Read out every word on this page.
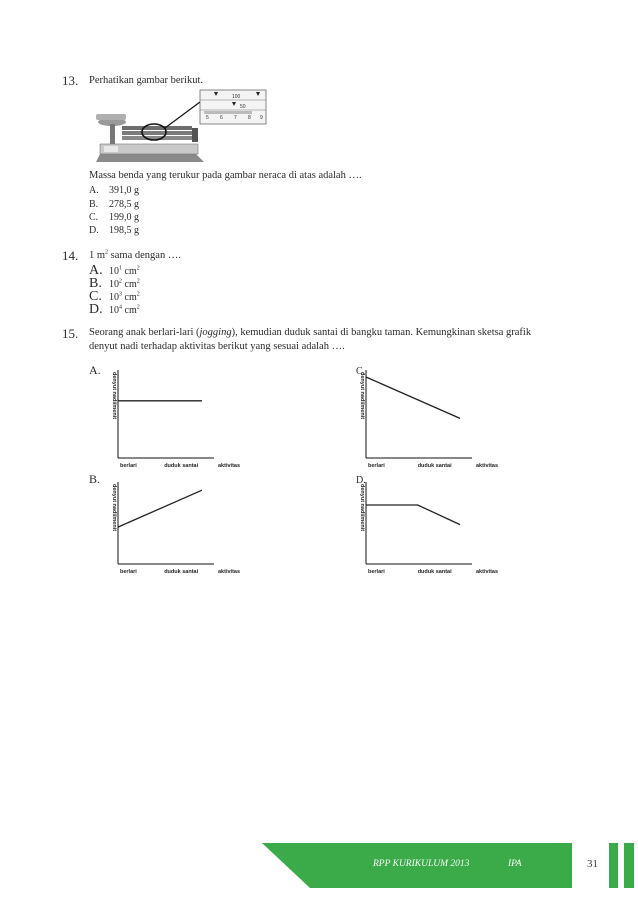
13. Perhatikan gambar berikut.
100
50
5 6 7 8 9
Massa benda yang terukur pada gambar neraca di atas adalah ….
A. 391,0 g
B. 278,5 g
C. 199,0 g
D. 198,5 g
14. 1 $m^2$ sama dengan ….
A. $10^1$ $cm^2$
B. $10^2$ $cm^2$
C. $10^3$ $cm^2$
D. $10^4$ $cm^2$
15. Seorang anak berlari-lari (jogging), kemudian duduk santai di bangku taman. Kemungkinan sketsa grafik
denyut nadi terhadap aktivitas berikut yang sesuai adalah ….
A.	C.
B.	D.
denyut nadi/menit
berlari	duduk santai	aktivitas
denyut nadi/menit
berlari	duduk santai	aktivitas
denyut nadi/menit
berlari	duduk santai	aktivitas
denyut nadi/menit
berlari	duduk santai	aktivitas
RPP KURIKULUM 2013	IPA	31
